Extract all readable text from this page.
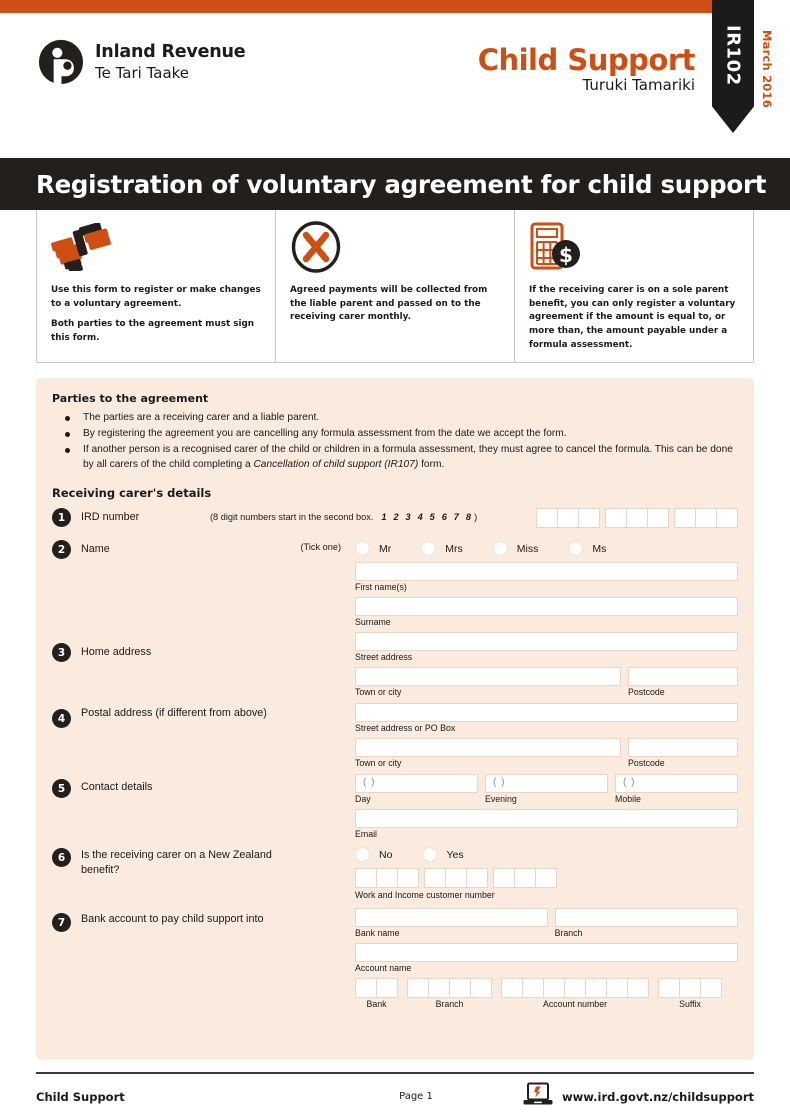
Inland Revenue
Te Tari Taake	Child Support
Turuki Tamariki
IR102	March 2016
Registration of voluntary agreement for child support

Use this form to register or make changes to a voluntary agreement.

Both parties to the agreement must sign this form.

Agreed payments will be collected from the liable parent and passed on to the receiving carer monthly.

$

If the receiving carer is on a sole parent benefit, you can only register a voluntary agreement if the amount is equal to, or more than, the amount payable under a formula assessment.

Parties to the agreement
The parties are a receiving carer and a liable parent.
By registering the agreement you are cancelling any formula assessment from the date we accept the form.
If another person is a recognised carer of the child or children in a formula assessment, they must agree to cancel the formula. This can be done by all carers of the child completing a Cancellation of child support (IR107) form.
Receiving carer's details
1	IRD number	(8 digit numbers start in the second box. 1 2 3 4 5 6 7 8)
2	Name	(Tick one)	Mr	Mrs	Miss	Ms
First name(s)
Surname
3	Home address	Street address
Town or city	Postcode
4	Postal address (if different from above)
Street address or PO Box
Town or city	Postcode
5	Contact details	( )
Day
( )
Evening
( )
Mobile
Email
6	Is the receiving carer on a New Zealand benefit?
No	Yes
Work and Income customer number
7	Bank account to pay child support into
Bank name	Branch
Account name
Bank	Branch	Account number	Suffix
Child Support	Page 1	www.ird.govt.nz/childsupport
